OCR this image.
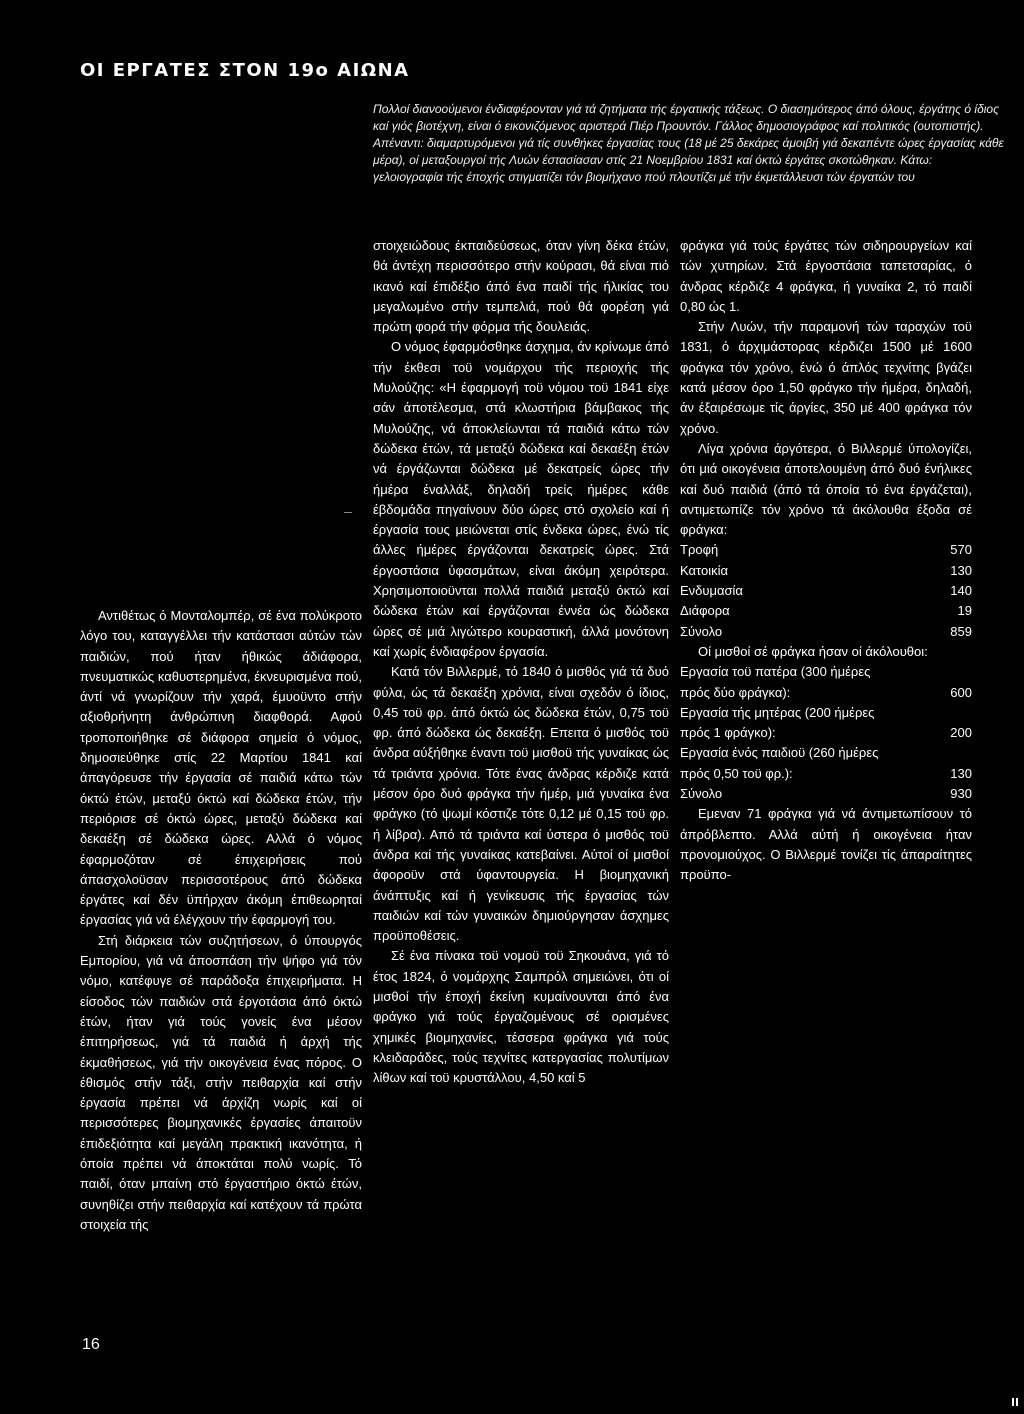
ΟΙ ΕΡΓΑΤΕΣ ΣΤΟΝ 19ο ΑΙΩΝΑ
Πολλοί διανοούμενοι ένδιαφέρονταν γιά τά ζητήματα τής έργατικής τάξεως. Ο διασημότερος άπό όλους, έργάτης ό ίδιος καί γιός βιοτέχνη, είναι ό εικονιζόμενος αριστερά Πιέρ Προυντόν. Γάλλος δημοσιογράφος καί πολιτικός (ουτοπιστής). Απέναντι: διαμαρτυρόμενοι γιά τίς συνθήκες έργασίας τους (18 μέ 25 δεκάρες άμοιβή γιά δεκαπέντε ώρες έργασίας κάθε μέρα), οί μεταξουργοί τής Λυών έστασίασαν στίς 21 Νοεμβρίου 1831 καί όκτώ έργάτες σκοτώθηκαν. Κάτω: γελοιογραφία τής έποχής στιγματίζει τόν βιομήχανο πού πλουτίζει μέ τήν έκμετάλλευσι τών έργατών του

Αντιθέτως ό Μονταλομπέρ, σέ ένα πολύκροτο λόγο του, καταγγέλλει τήν κατάστασι αύτών τών παιδιών, πού ήταν ήθικώς άδιάφορα, πνευματικώς καθυστερημένα, έκνευρισμένα πού, άντί νά γνωρίζουν τήν χαρά, έμυοϋντο στήν αξιοθρήνητη άνθρώπινη διαφθορά. Αφού τροποποιήθηκε σέ διάφορα σημεία ό νόμος, δημοσιεύθηκε στίς 22 Μαρτίου 1841 καί άπαγόρευσε τήν έργασία σέ παιδιά κάτω τών όκτώ έτών, μεταξύ όκτώ καί δώδεκα έτών, τήν περιόρισε σέ όκτώ ώρες, μεταξύ δώδεκα καί δεκαέξη σέ δώδεκα ώρες. Αλλά ό νόμος έφαρμοζόταν σέ έπιχειρήσεις πού άπασχολοϋσαν περισσοτέρους άπό δώδεκα έργάτες καί δέν ϋπήρχαν άκόμη έπιθεωρηταί έργασίας γιά νά έλέγχουν τήν έφαρμογή του.

Στή διάρκεια τών συζητήσεων, ό ύπουργός Εμπορίου, γιά νά άποσπάση τήν ψήφο γιά τόν νόμο, κατέφυγε σέ παράδοξα έπιχειρήματα. Η είσοδος τών παιδιών στά έργοτάσια άπό όκτώ έτών, ήταν γιά τούς γονείς ένα μέσον έπιτηρήσεως, γιά τά παιδιά ή άρχή τής έκμαθήσεως, γιά τήν οικογένεια ένας πόρος. Ο έθισμός στήν τάξι, στήν πειθαρχία καί στήν έργασία πρέπει νά άρχίζη νωρίς καί οί περισσότερες βιομηχανικές έργασίες άπαιτοϋν έπιδεξιότητα καί μεγάλη πρακτική ικανότητα, ή όποία πρέπει νά άποκτάται πολύ νωρίς. Τό παιδί, όταν μπαίνη στό έργαστήριο όκτώ έτών, συνηθίζει στήν πειθαρχία καί κατέχουν τά πρώτα στοιχεία τής

στοιχειώδους έκπαιδεύσεως, όταν γίνη δέκα έτών, θά άντέχη περισσότερο στήν κούρασι, θά είναι πιό ικανό καί έπιδέξιο άπό ένα παιδί τής ήλικίας του μεγαλωμένο στήν τεμπελιά, πού θά φορέση γιά πρώτη φορά τήν φόρμα τής δουλειάς.

Ο νόμος έφαρμόσθηκε άσχημα, άν κρίνωμε άπό τήν έκθεσι τοϋ νομάρχου τής περιοχής τής Μυλούζης: «Η έφαρμογή τοϋ νόμου τοϋ 1841 είχε σάν άποτέλεσμα, στά κλωστήρια βάμβακος τής Μυλούζης, νά άποκλείωνται τά παιδιά κάτω τών δώδεκα έτών, τά μεταξύ δώδεκα καί δεκαέξη έτών νά έργάζωνται δώδεκα μέ δεκατρείς ώρες τήν ήμέρα έναλλάξ, δηλαδή τρείς ήμέρες κάθε έβδομάδα πηγαίνουν δύο ώρες στό σχολείο καί ή έργασία τους μειώνεται στίς ένδεκα ώρες, ένώ τίς άλλες ήμέρες έργάζονται δεκατρείς ώρες. Στά έργοστάσια ύφασμάτων, είναι άκόμη χειρότερα. Χρησιμοποιοϋνται πολλά παιδιά μεταξύ όκτώ καί δώδεκα έτών καί έργάζονται έννέα ώς δώδεκα ώρες σέ μιά λιγώτερο κουραστική, άλλά μονότονη καί χωρίς ένδιαφέρον έργασία.

Κατά τόν Βιλλερμέ, τό 1840 ό μισθός γιά τά δυό φύλα, ώς τά δεκαέξη χρόνια, είναι σχεδόν ό ίδιος, 0,45 τοϋ φρ. άπό όκτώ ώς δώδεκα έτών, 0,75 τοϋ φρ. άπό δώδεκα ώς δεκαέξη. Επειτα ό μισθός τοϋ άνδρα αύξήθηκε έναντι τοϋ μισθοϋ τής γυναίκας ώς τά τριάντα χρόνια. Τότε ένας άνδρας κέρδιζε κατά μέσον όρο δυό φράγκα τήν ήμέρ, μιά γυναίκα ένα φράγκο (τό ψωμί κόστιζε τότε 0,12 μέ 0,15 τοϋ φρ. ή λίβρα). Από τά τριάντα καί ύστερα ό μισθός τοϋ άνδρα καί τής γυναίκας κατεβαίνει. Αύτοί οί μισθοί άφοροϋν στά ύφαντουργεία. Η βιομηχανική άνάπτυξις καί ή γενίκευσις τής έργασίας τών παιδιών καί τών γυναικών δημιούργησαν άσχημες προϋποθέσεις.

Σέ ένα πίνακα τοϋ νομοϋ τοϋ Σηκουάνα, γιά τό έτος 1824, ό νομάρχης Σαμπρόλ σημειώνει, ότι οί μισθοί τήν έποχή έκείνη κυμαίνουνται άπό ένα φράγκο γιά τούς έργαζομένους σέ ορισμένες χημικές βιομηχανίες, τέσσερα φράγκα γιά τούς κλειδαράδες, τούς τεχνίτες κατεργασίας πολυτίμων λίθων καί τοϋ κρυστάλλου, 4,50 καί 5

φράγκα γιά τούς έργάτες τών σιδηρουργείων καί τών χυτηρίων. Στά έργοστάσια ταπετσαρίας, ό άνδρας κέρδιζε 4 φράγκα, ή γυναίκα 2, τό παιδί 0,80 ώς 1.

Στήν Λυών, τήν παραμονή τών ταραχών τοϋ 1831, ό άρχιμάστορας κέρδιζει 1500 μέ 1600 φράγκα τόν χρόνο, ένώ ό άπλός τεχνίτης βγάζει κατά μέσον όρο 1,50 φράγκο τήν ήμέρα, δηλαδή, άν έξαιρέσωμε τίς άργίες, 350 μέ 400 φράγκα τόν χρόνο.

Λίγα χρόνια άργότερα, ό Βιλλερμέ ύπολογίζει, ότι μιά οικογένεια άποτελουμένη άπό δυό ένήλικες καί δυό παιδιά (άπό τά όποία τό ένα έργάζεται), αντιμετωπίζε τόν χρόνο τά άκόλουθα έξοδα σέ φράγκα:

Τροφή	570
Κατοικία	130
Ενδυμασία	140
Διάφορα	19
Σύνολο	859

Οί μισθοί σέ φράγκα ήσαν οί άκόλουθοι:

Εργασία τοϋ πατέρα (300 ήμέρες
πρός δύο φράγκα):	600
Εργασία τής μητέρας (200 ήμέρες
πρός 1 φράγκο):	200
Εργασία ένός παιδιοϋ (260 ήμέρες
πρός 0,50 τοϋ φρ.):	130
Σύνολο	930

Εμεναν 71 φράγκα γιά νά άντιμετωπίσουν τό άπρόβλεπτο. Αλλά αύτή ή οικογένεια ήταν προνομιούχος. Ο Βιλλερμέ τονίζει τίς άπαραίτητες προϋπο-

16
